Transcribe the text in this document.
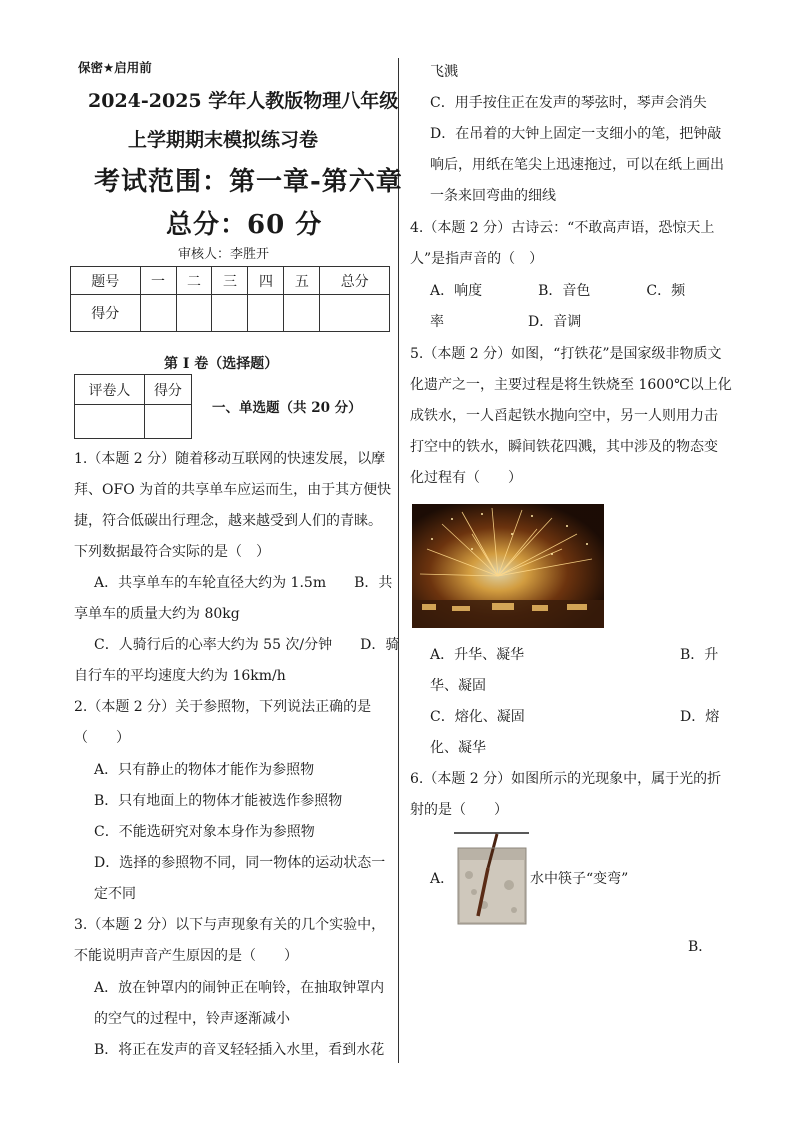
保密★启用前
2024-2025 学年人教版物理八年级
上学期期末模拟练习卷
考试范围：第一章-第六章
总分：60 分
审核人：李胜开
题号	一	二	三	四	五	总分
得分						
第 I 卷（选择题）
评卷人	得分

一、单选题（共 20 分）
1.（本题 2 分）随着移动互联网的快速发展，以摩
拜、OFO 为首的共享单车应运而生，由于其方便快
捷，符合低碳出行理念，越来越受到人们的青睐。
下列数据最符合实际的是（　）
A．共享单车的车轮直径大约为 1.5m　　B．共
享单车的质量大约为 80kg
C．人骑行后的心率大约为 55 次/分钟　　D．骑
自行车的平均速度大约为 16km/h
2.（本题 2 分）关于参照物，下列说法正确的是
（　　）
A．只有静止的物体才能作为参照物
B．只有地面上的物体才能被选作参照物
C．不能选研究对象本身作为参照物
D．选择的参照物不同，同一物体的运动状态一
定不同
3.（本题 2 分）以下与声现象有关的几个实验中，
不能说明声音产生原因的是（　　）
A．放在钟罩内的闹钟正在响铃，在抽取钟罩内
的空气的过程中，铃声逐渐减小
B．将正在发声的音叉轻轻插入水里，看到水花
飞溅
C．用手按住正在发声的琴弦时，琴声会消失
D．在吊着的大钟上固定一支细小的笔，把钟敲
响后，用纸在笔尖上迅速拖过，可以在纸上画出
一条来回弯曲的细线
4.（本题 2 分）古诗云：“不敢高声语，恐惊天上
人”是指声音的（　）
A．响度　　　　B．音色　　　　C．频
率　　　　　　D．音调
5.（本题 2 分）如图，“打铁花”是国家级非物质文
化遗产之一，主要过程是将生铁烧至 1600℃以上化
成铁水，一人舀起铁水抛向空中，另一人则用力击
打空中的铁水，瞬间铁花四溅，其中涉及的物态变
化过程有（　　）
A．升华、凝华	B．升
华、凝固
C．熔化、凝固	D．熔
化、凝华
6.（本题 2 分）如图所示的光现象中，属于光的折
射的是（　　）
A．	水中筷子“变弯”
B．
